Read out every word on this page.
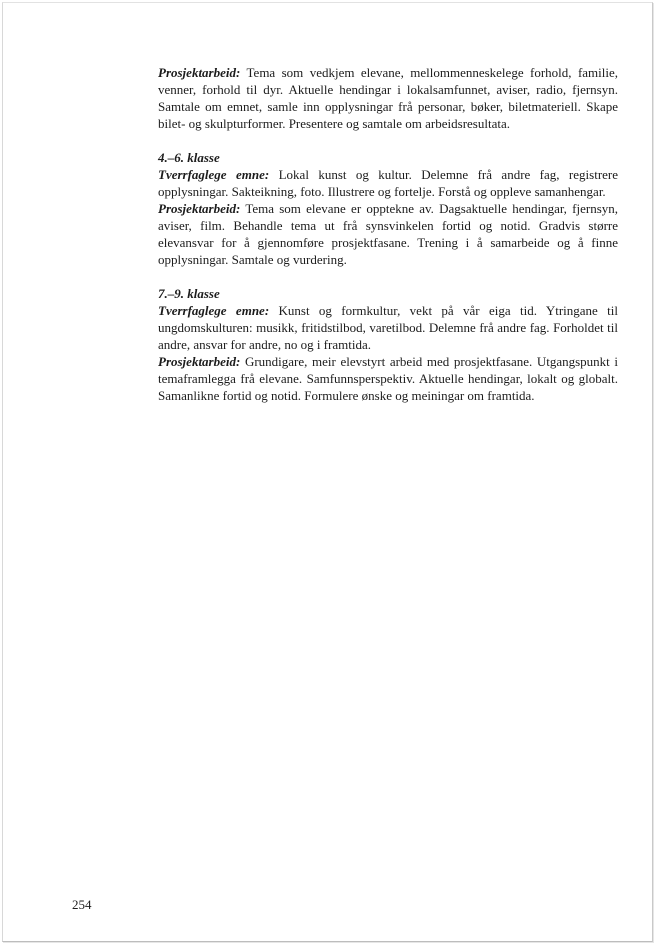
Prosjektarbeid: Tema som vedkjem elevane, mellommenneskelege forhold, familie, venner, forhold til dyr. Aktuelle hendingar i lokalsamfunnet, aviser, radio, fjernsyn. Samtale om emnet, samle inn opplysningar frå personar, bøker, biletmateriell. Skape bilet- og skulpturformer. Presentere og samtale om arbeidsresultata.

4.–6. klasse

Tverrfaglege emne: Lokal kunst og kultur. Delemne frå andre fag, registrere opplysningar. Sakteikning, foto. Illustrere og fortelje. Forstå og oppleve samanhengar.

Prosjektarbeid: Tema som elevane er opptekne av. Dagsaktuelle hendingar, fjernsyn, aviser, film. Behandle tema ut frå synsvinkelen fortid og notid. Gradvis større elevansvar for å gjennomføre prosjektfasane. Trening i å samarbeide og å finne opplysningar. Samtale og vurdering.

7.–9. klasse

Tverrfaglege emne: Kunst og formkultur, vekt på vår eiga tid. Ytringane til ungdomskulturen: musikk, fritidstilbod, varetilbod. Delemne frå andre fag. Forholdet til andre, ansvar for andre, no og i framtida.

Prosjektarbeid: Grundigare, meir elevstyrt arbeid med prosjektfasane. Utgangspunkt i temaframlegga frå elevane. Samfunnsperspektiv. Aktuelle hendingar, lokalt og globalt. Samanlikne fortid og notid. Formulere ønske og meiningar om framtida.

254
